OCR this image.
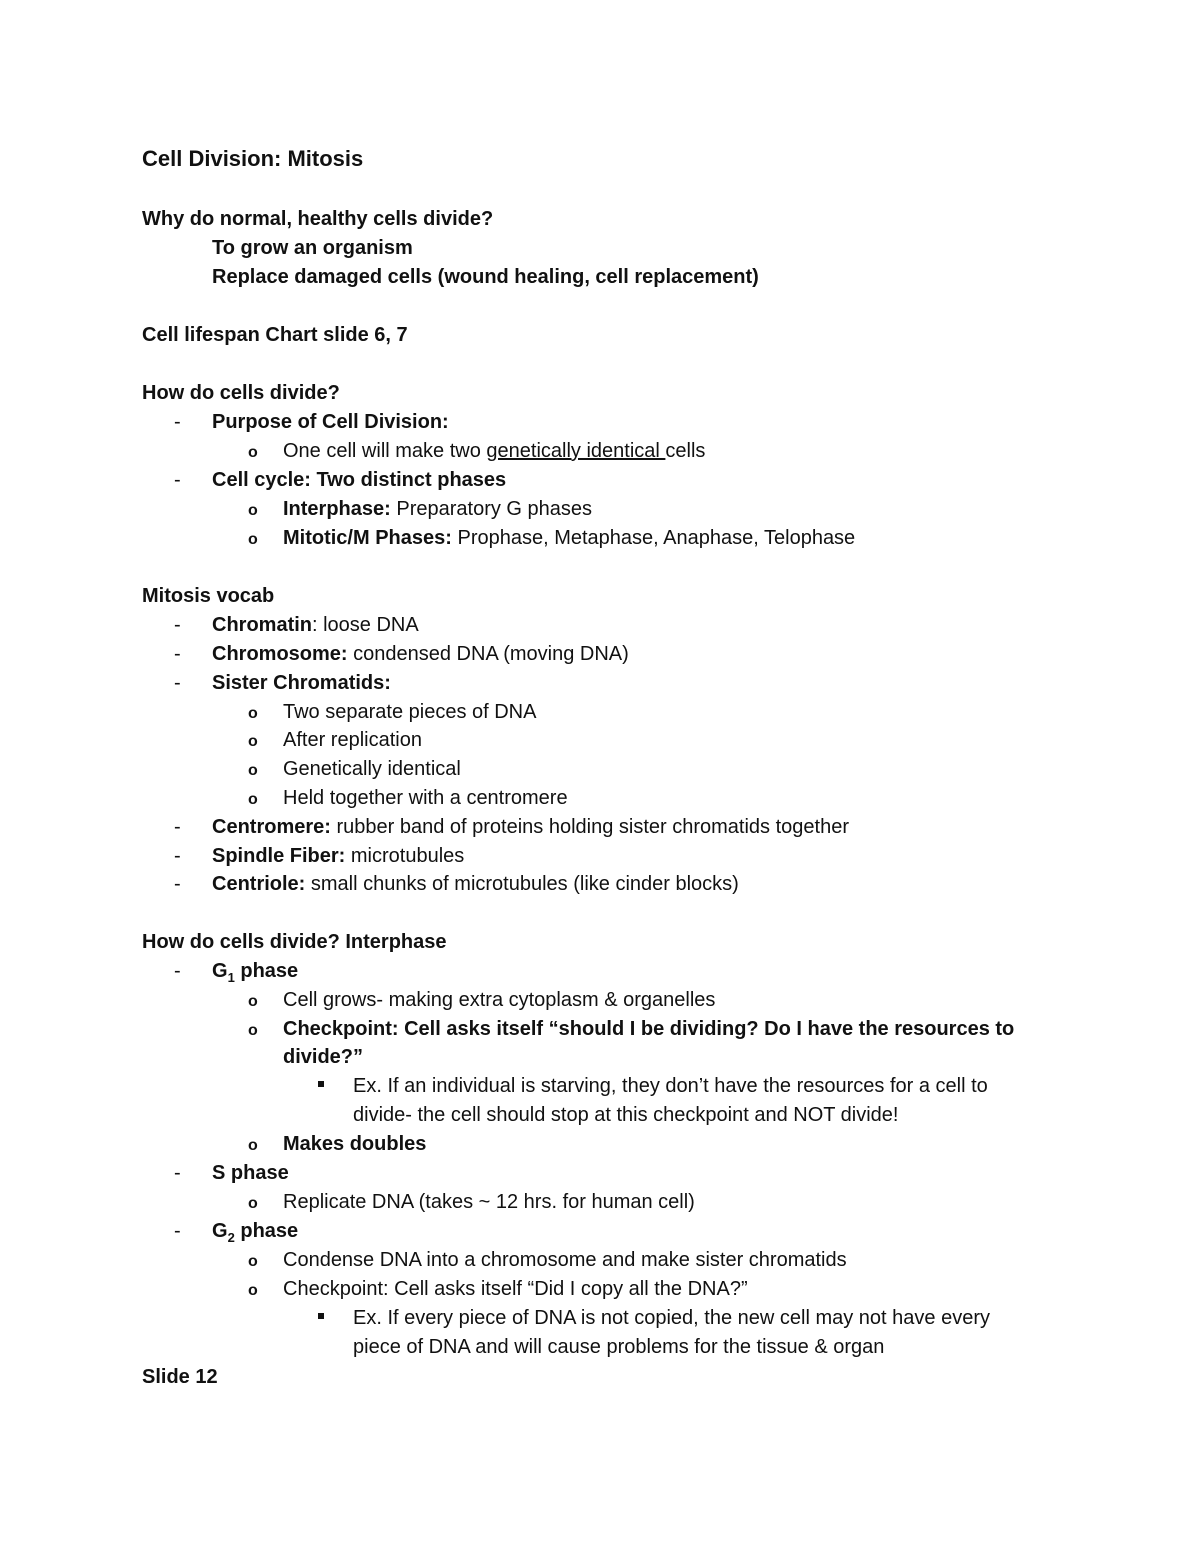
Cell Division: Mitosis
Why do normal, healthy cells divide?
To grow an organism
Replace damaged cells (wound healing, cell replacement)
Cell lifespan Chart slide 6, 7
How do cells divide?
- Purpose of Cell Division:
o One cell will make two genetically identical cells
- Cell cycle: Two distinct phases
o Interphase: Preparatory G phases
o Mitotic/M Phases: Prophase, Metaphase, Anaphase, Telophase
Mitosis vocab
- Chromatin: loose DNA
- Chromosome: condensed DNA (moving DNA)
- Sister Chromatids:
o Two separate pieces of DNA
o After replication
o Genetically identical
o Held together with a centromere
- Centromere: rubber band of proteins holding sister chromatids together
- Spindle Fiber: microtubules
- Centriole: small chunks of microtubules (like cinder blocks)
How do cells divide? Interphase
- $G_1$ phase
o Cell grows- making extra cytoplasm & organelles
o Checkpoint: Cell asks itself “should I be dividing? Do I have the resources to
divide?”
Ex. If an individual is starving, they don’t have the resources for a cell to
divide- the cell should stop at this checkpoint and NOT divide!
o Makes doubles
- S phase
o Replicate DNA (takes ~ 12 hrs. for human cell)
- $G_2$ phase
o Condense DNA into a chromosome and make sister chromatids
o Checkpoint: Cell asks itself “Did I copy all the DNA?”
Ex. If every piece of DNA is not copied, the new cell may not have every
piece of DNA and will cause problems for the tissue & organ
Slide 12
